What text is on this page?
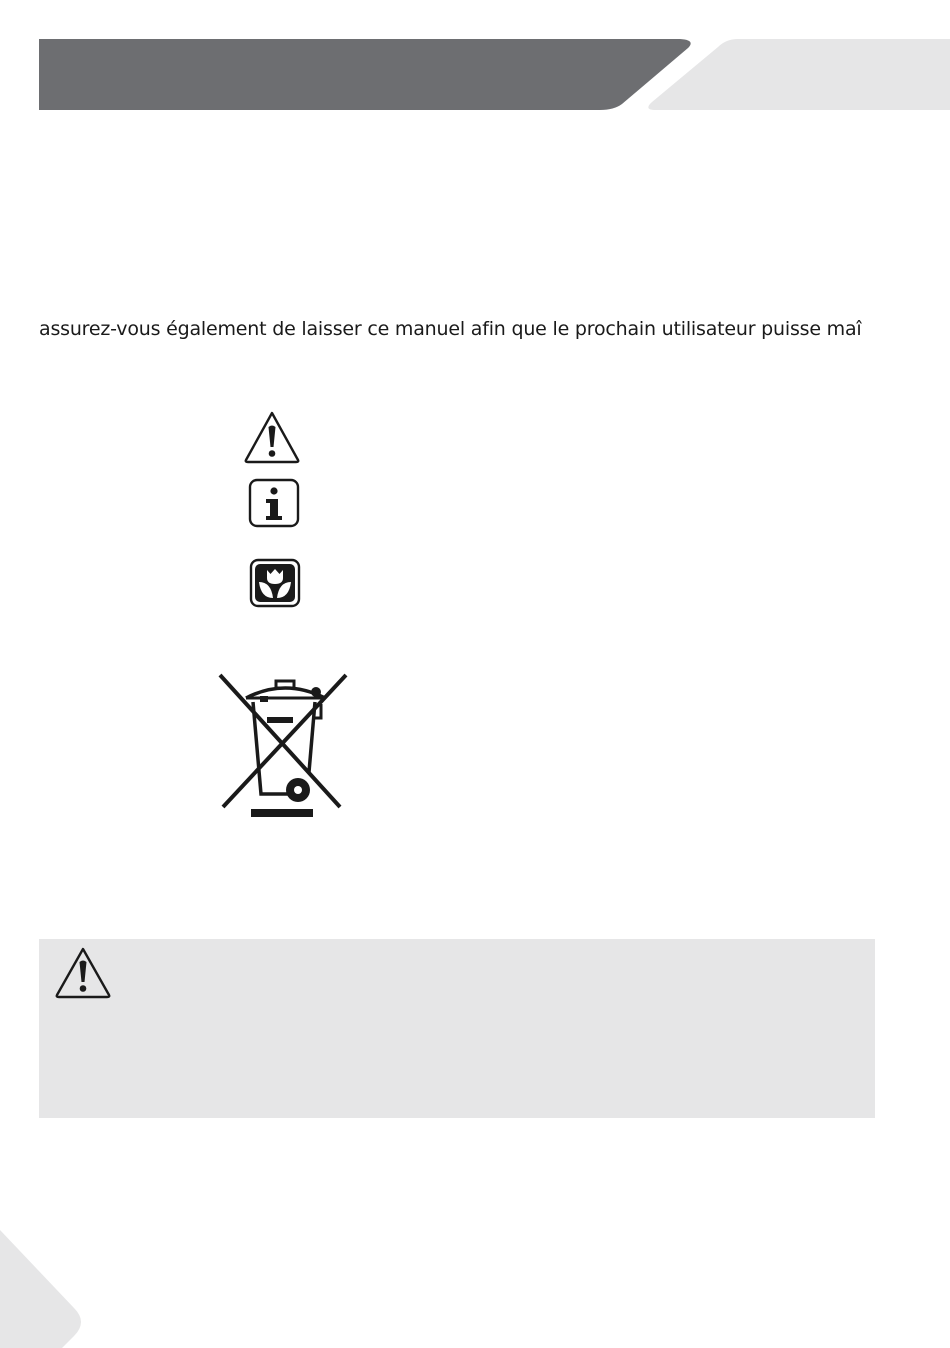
assurez-vous également de laisser ce manuel afin que le prochain utilisateur puisse maî
